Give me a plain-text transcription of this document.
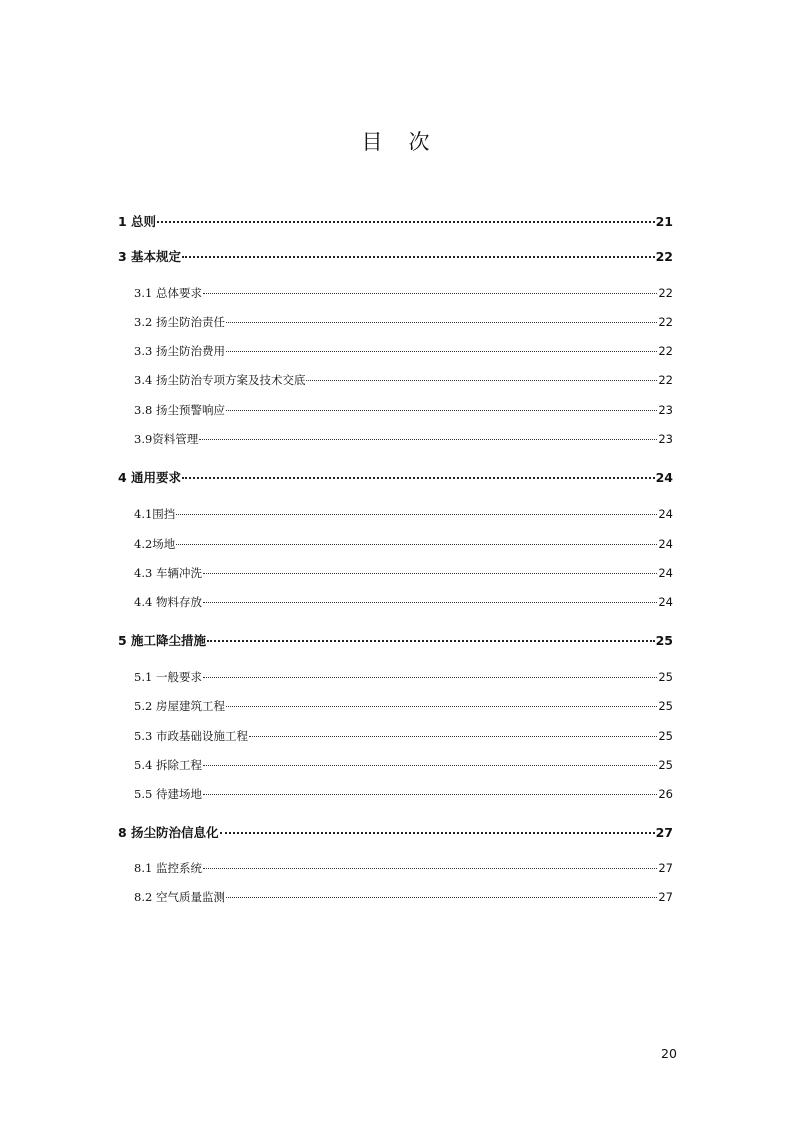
目 次
1 总则	21
3 基本规定	22
3.1 总体要求	22
3.2 扬尘防治责任	22
3.3 扬尘防治费用	22
3.4 扬尘防治专项方案及技术交底	22
3.8 扬尘预警响应	23
3.9资料管理	23
4 通用要求	24
4.1围挡	24
4.2场地	24
4.3 车辆冲洗	24
4.4 物料存放	24
5 施工降尘措施	25
5.1 一般要求	25
5.2 房屋建筑工程	25
5.3 市政基础设施工程	25
5.4 拆除工程	25
5.5 待建场地	26
8 扬尘防治信息化	27
8.1 监控系统	27
8.2 空气质量监测	27
20
